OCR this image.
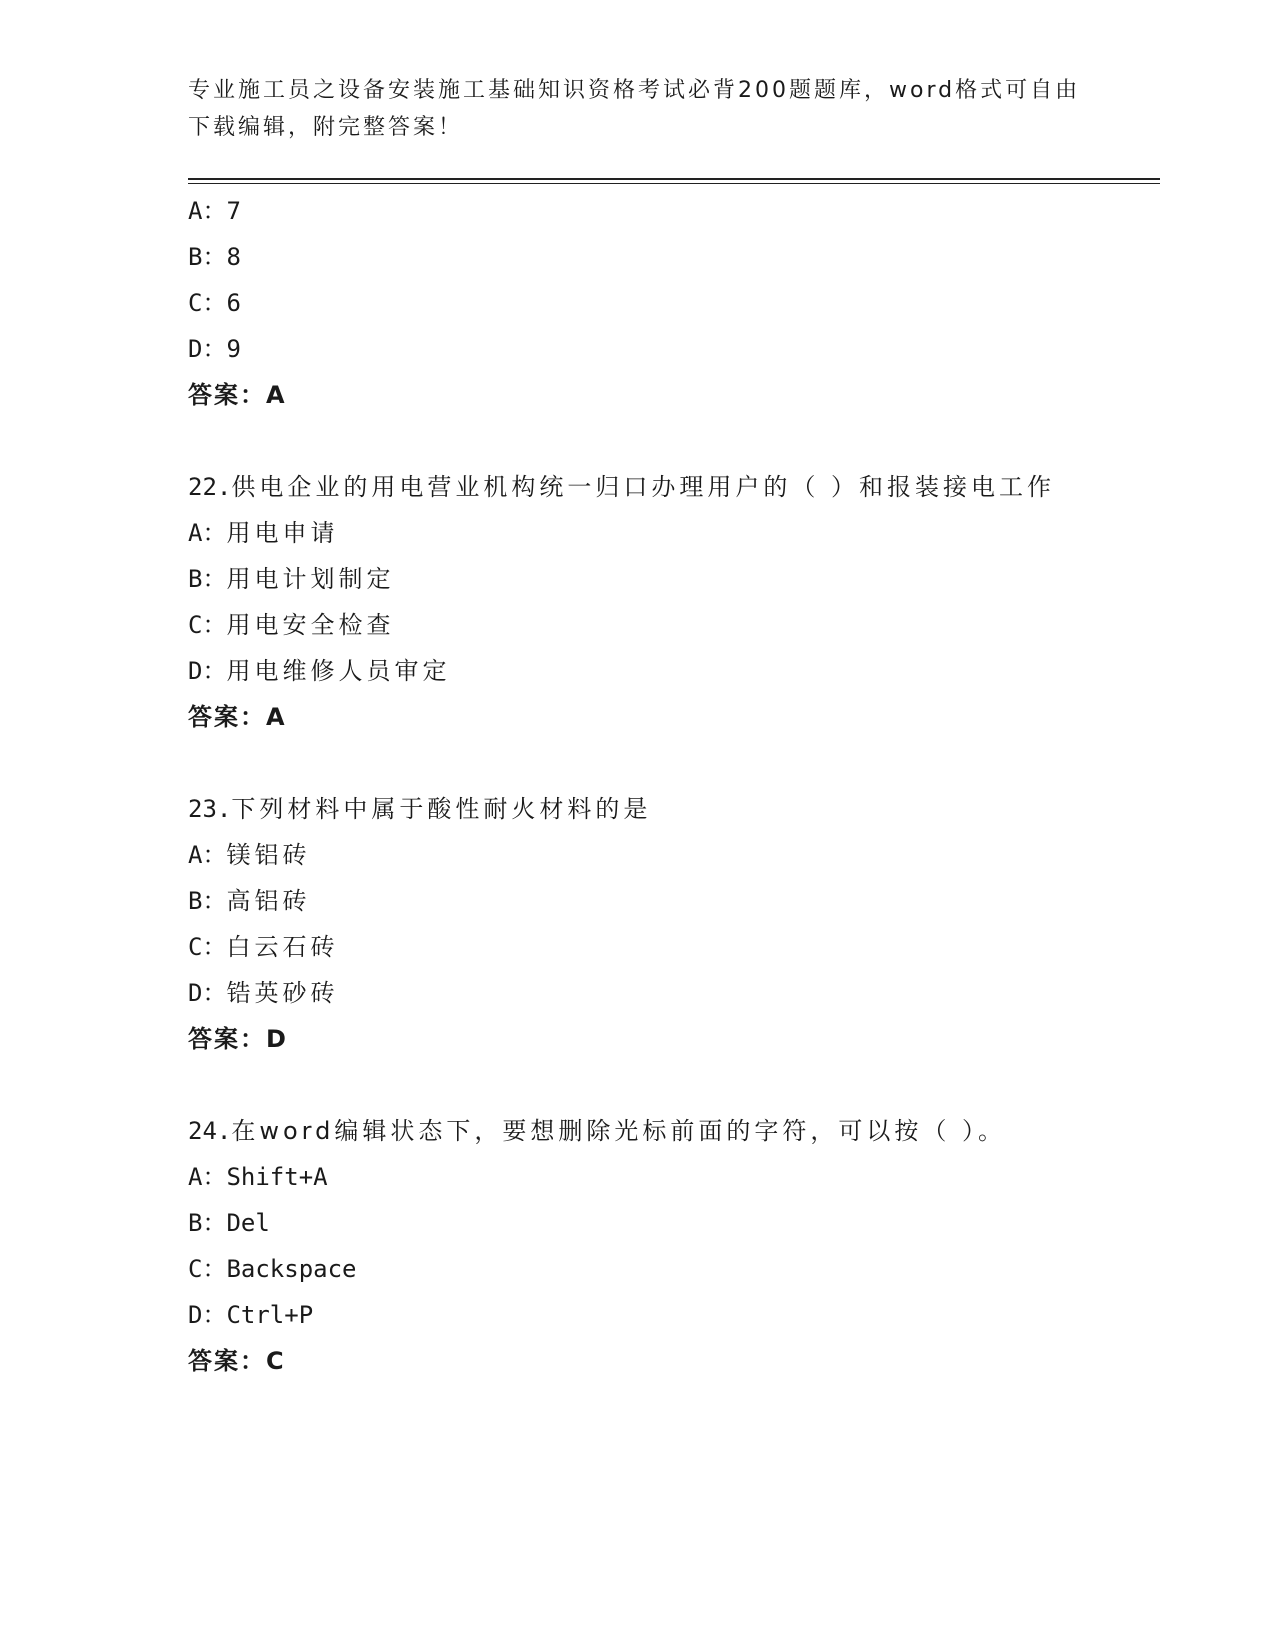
专业施工员之设备安装施工基础知识资格考试必背200题题库，word格式可自由下载编辑，附完整答案！
A：7
B：8
C：6
D：9
答案：A
22.供电企业的用电营业机构统一归口办理用户的（ ）和报装接电工作
A：用电申请
B：用电计划制定
C：用电安全检查
D：用电维修人员审定
答案：A
23.下列材料中属于酸性耐火材料的是
A：镁铝砖
B：高铝砖
C：白云石砖
D：锆英砂砖
答案：D
24.在word编辑状态下，要想删除光标前面的字符，可以按（ ）。
A：Shift+A
B：Del
C：Backspace
D：Ctrl+P
答案：C
